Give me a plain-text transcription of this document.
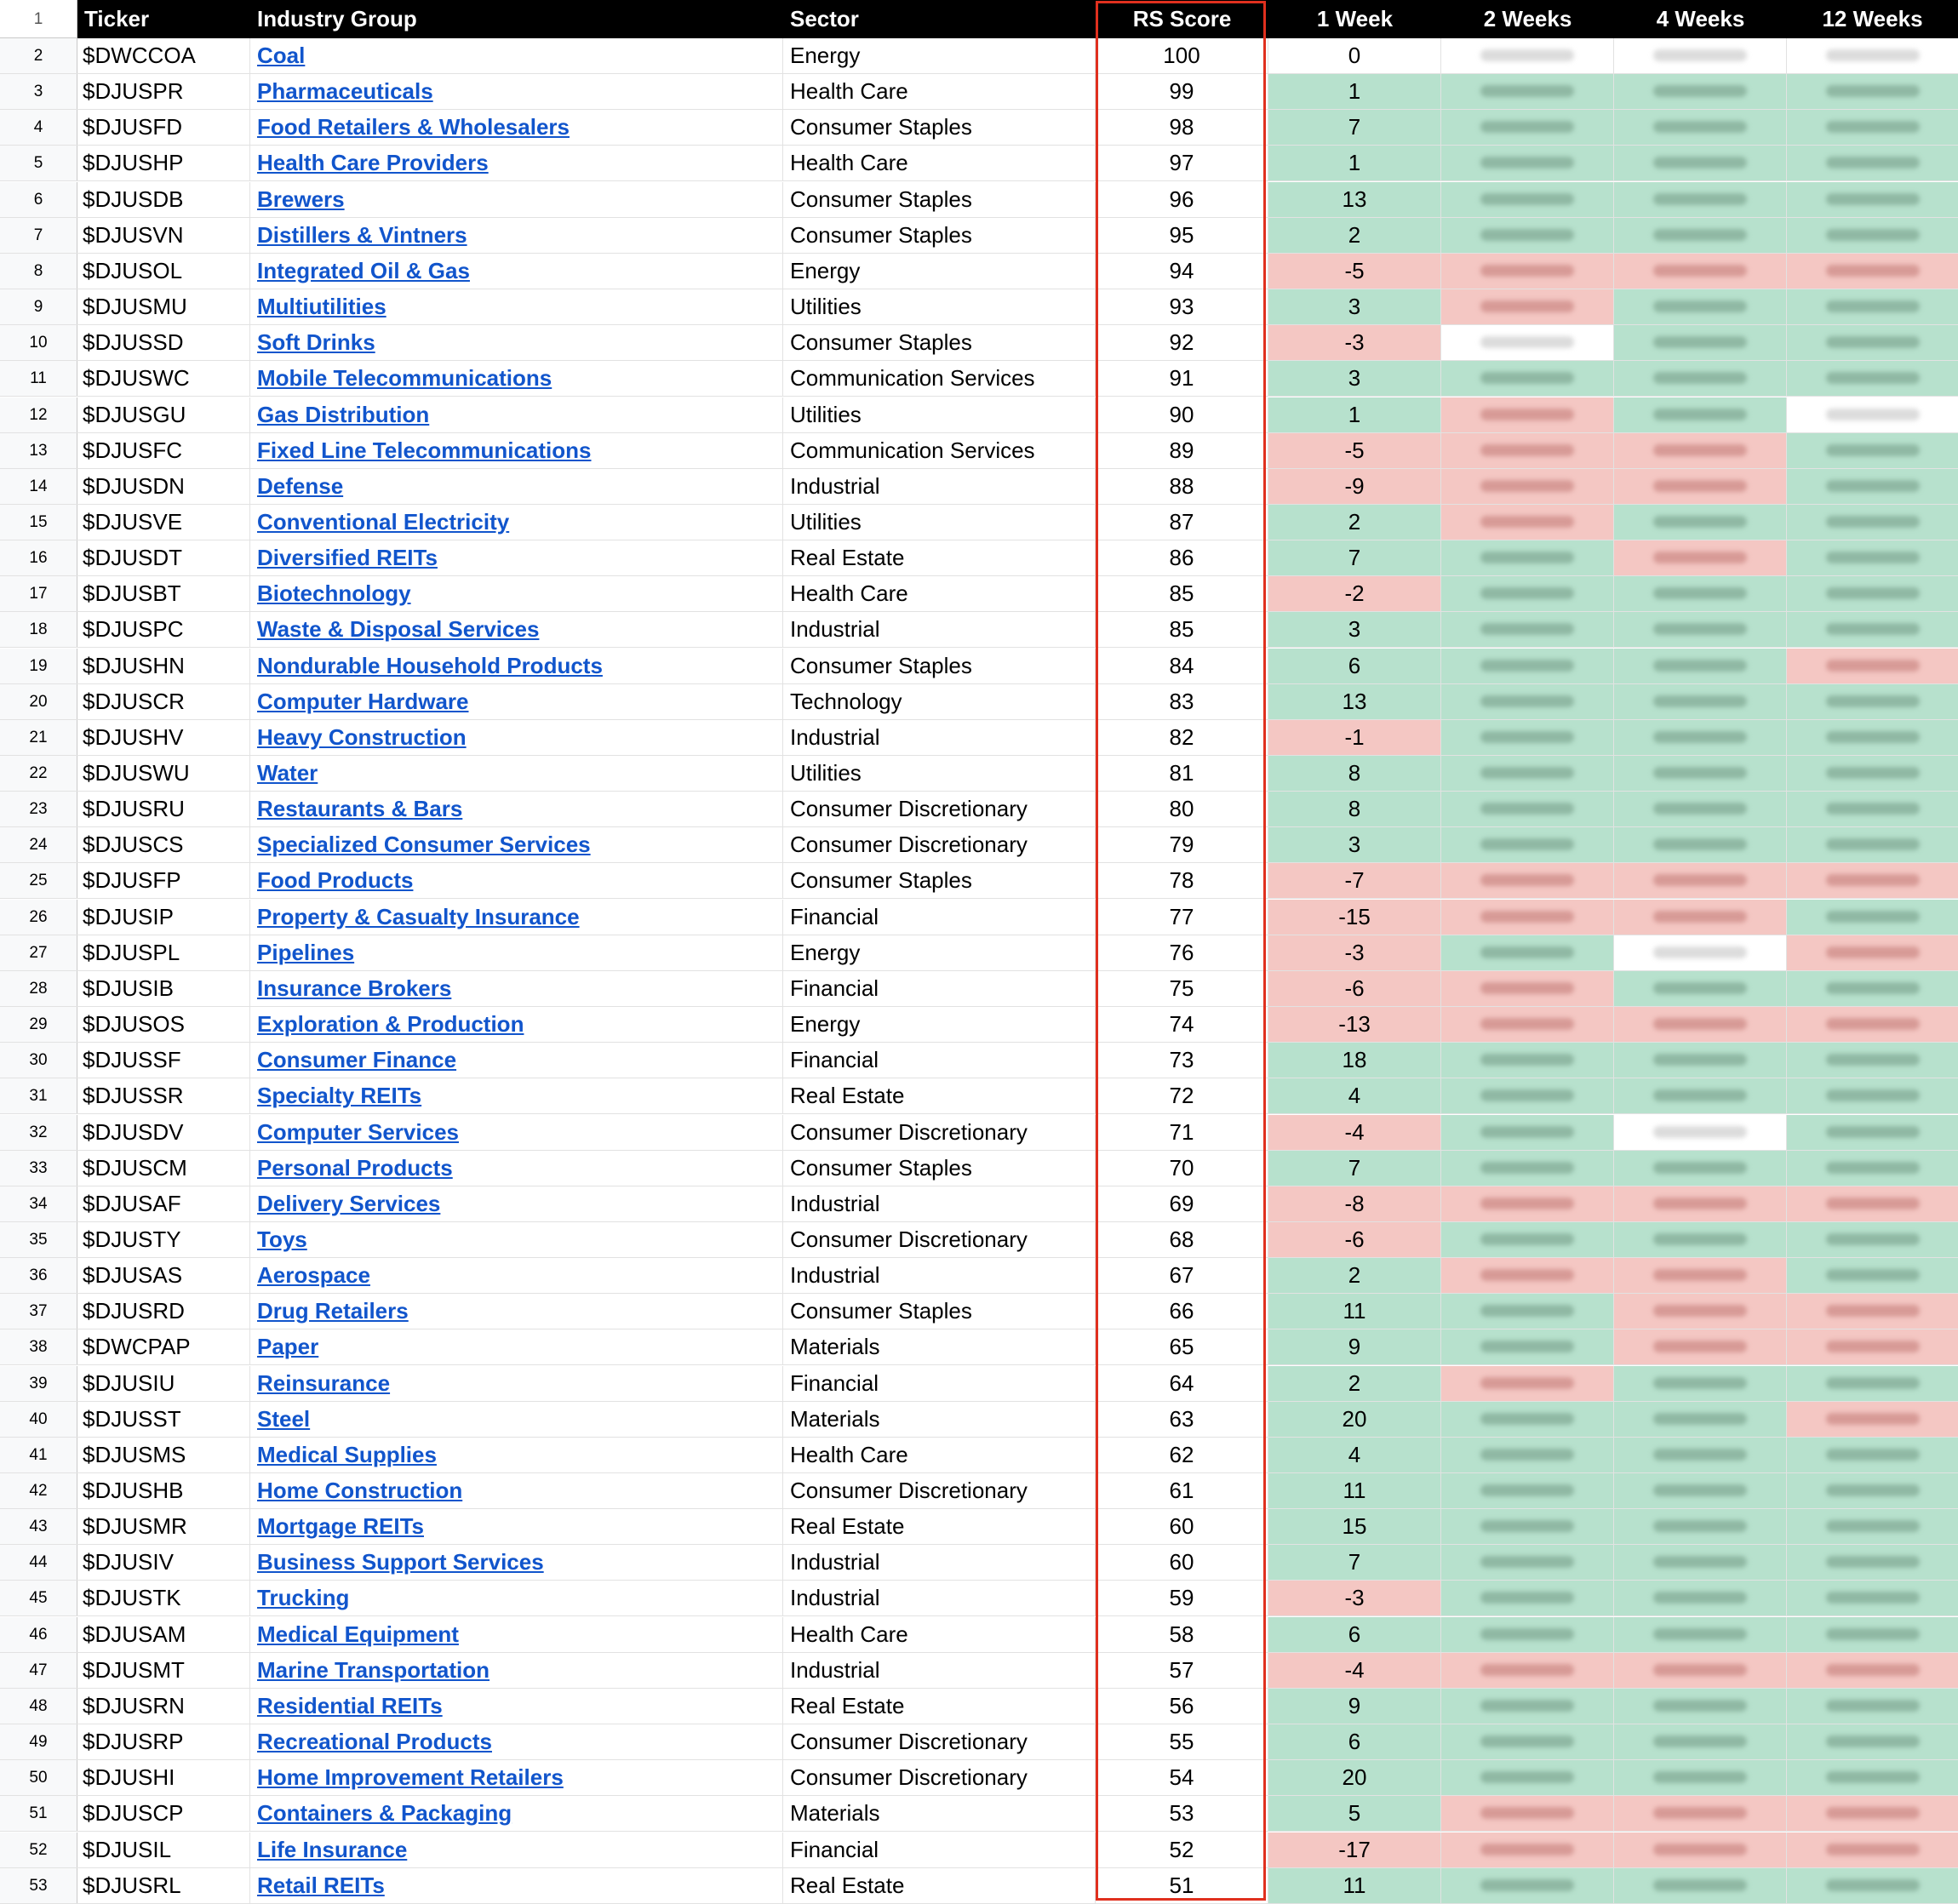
1	Ticker	Industry Group	Sector	RS Score	1 Week	2 Weeks	4 Weeks	12 Weeks
2	$DWCCOA	Coal	Energy	100	0
3	$DJUSPR	Pharmaceuticals	Health Care	99	1
4	$DJUSFD	Food Retailers & Wholesalers	Consumer Staples	98	7
5	$DJUSHP	Health Care Providers	Health Care	97	1
6	$DJUSDB	Brewers	Consumer Staples	96	13
7	$DJUSVN	Distillers & Vintners	Consumer Staples	95	2
8	$DJUSOL	Integrated Oil & Gas	Energy	94	-5
9	$DJUSMU	Multiutilities	Utilities	93	3
10	$DJUSSD	Soft Drinks	Consumer Staples	92	-3
11	$DJUSWC	Mobile Telecommunications	Communication Services	91	3
12	$DJUSGU	Gas Distribution	Utilities	90	1
13	$DJUSFC	Fixed Line Telecommunications	Communication Services	89	-5
14	$DJUSDN	Defense	Industrial	88	-9
15	$DJUSVE	Conventional Electricity	Utilities	87	2
16	$DJUSDT	Diversified REITs	Real Estate	86	7
17	$DJUSBT	Biotechnology	Health Care	85	-2
18	$DJUSPC	Waste & Disposal Services	Industrial	85	3
19	$DJUSHN	Nondurable Household Products	Consumer Staples	84	6
20	$DJUSCR	Computer Hardware	Technology	83	13
21	$DJUSHV	Heavy Construction	Industrial	82	-1
22	$DJUSWU	Water	Utilities	81	8
23	$DJUSRU	Restaurants & Bars	Consumer Discretionary	80	8
24	$DJUSCS	Specialized Consumer Services	Consumer Discretionary	79	3
25	$DJUSFP	Food Products	Consumer Staples	78	-7
26	$DJUSIP	Property & Casualty Insurance	Financial	77	-15
27	$DJUSPL	Pipelines	Energy	76	-3
28	$DJUSIB	Insurance Brokers	Financial	75	-6
29	$DJUSOS	Exploration & Production	Energy	74	-13
30	$DJUSSF	Consumer Finance	Financial	73	18
31	$DJUSSR	Specialty REITs	Real Estate	72	4
32	$DJUSDV	Computer Services	Consumer Discretionary	71	-4
33	$DJUSCM	Personal Products	Consumer Staples	70	7
34	$DJUSAF	Delivery Services	Industrial	69	-8
35	$DJUSTY	Toys	Consumer Discretionary	68	-6
36	$DJUSAS	Aerospace	Industrial	67	2
37	$DJUSRD	Drug Retailers	Consumer Staples	66	11
38	$DWCPAP	Paper	Materials	65	9
39	$DJUSIU	Reinsurance	Financial	64	2
40	$DJUSST	Steel	Materials	63	20
41	$DJUSMS	Medical Supplies	Health Care	62	4
42	$DJUSHB	Home Construction	Consumer Discretionary	61	11
43	$DJUSMR	Mortgage REITs	Real Estate	60	15
44	$DJUSIV	Business Support Services	Industrial	60	7
45	$DJUSTK	Trucking	Industrial	59	-3
46	$DJUSAM	Medical Equipment	Health Care	58	6
47	$DJUSMT	Marine Transportation	Industrial	57	-4
48	$DJUSRN	Residential REITs	Real Estate	56	9
49	$DJUSRP	Recreational Products	Consumer Discretionary	55	6
50	$DJUSHI	Home Improvement Retailers	Consumer Discretionary	54	20
51	$DJUSCP	Containers & Packaging	Materials	53	5
52	$DJUSIL	Life Insurance	Financial	52	-17
53	$DJUSRL	Retail REITs	Real Estate	51	11
